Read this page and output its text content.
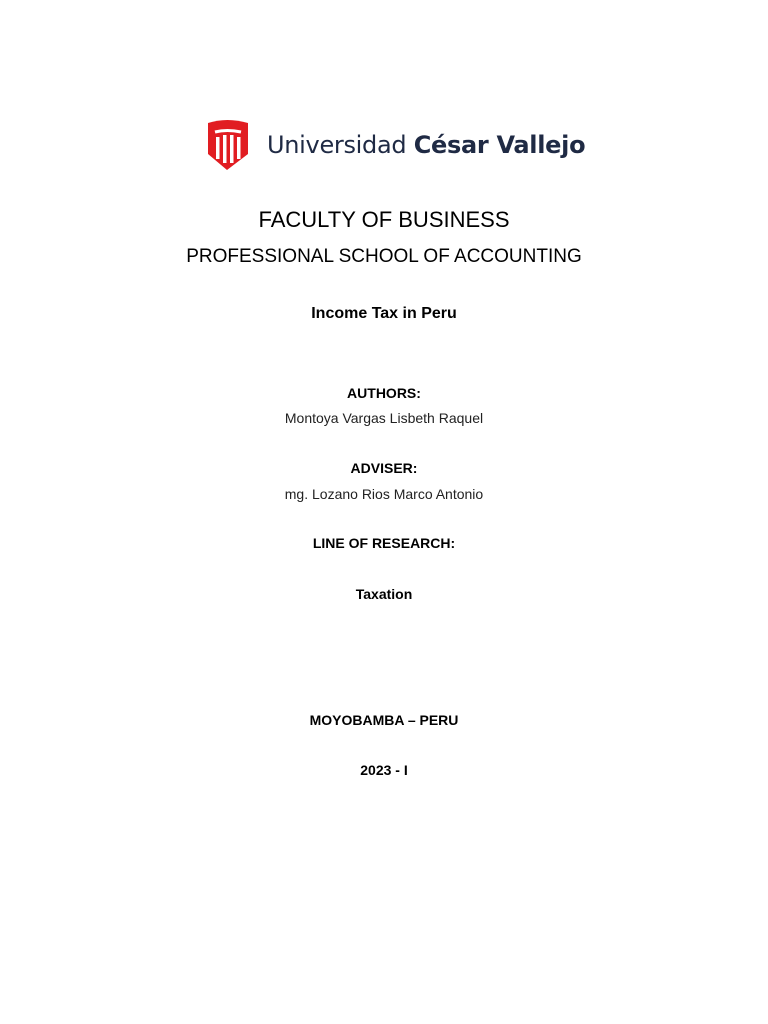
Universidad César Vallejo
FACULTY OF BUSINESS
PROFESSIONAL SCHOOL OF ACCOUNTING
Income Tax in Peru
AUTHORS:
Montoya Vargas Lisbeth Raquel
ADVISER:
mg. Lozano Rios Marco Antonio
LINE OF RESEARCH:
Taxation
MOYOBAMBA – PERU
2023 - I
